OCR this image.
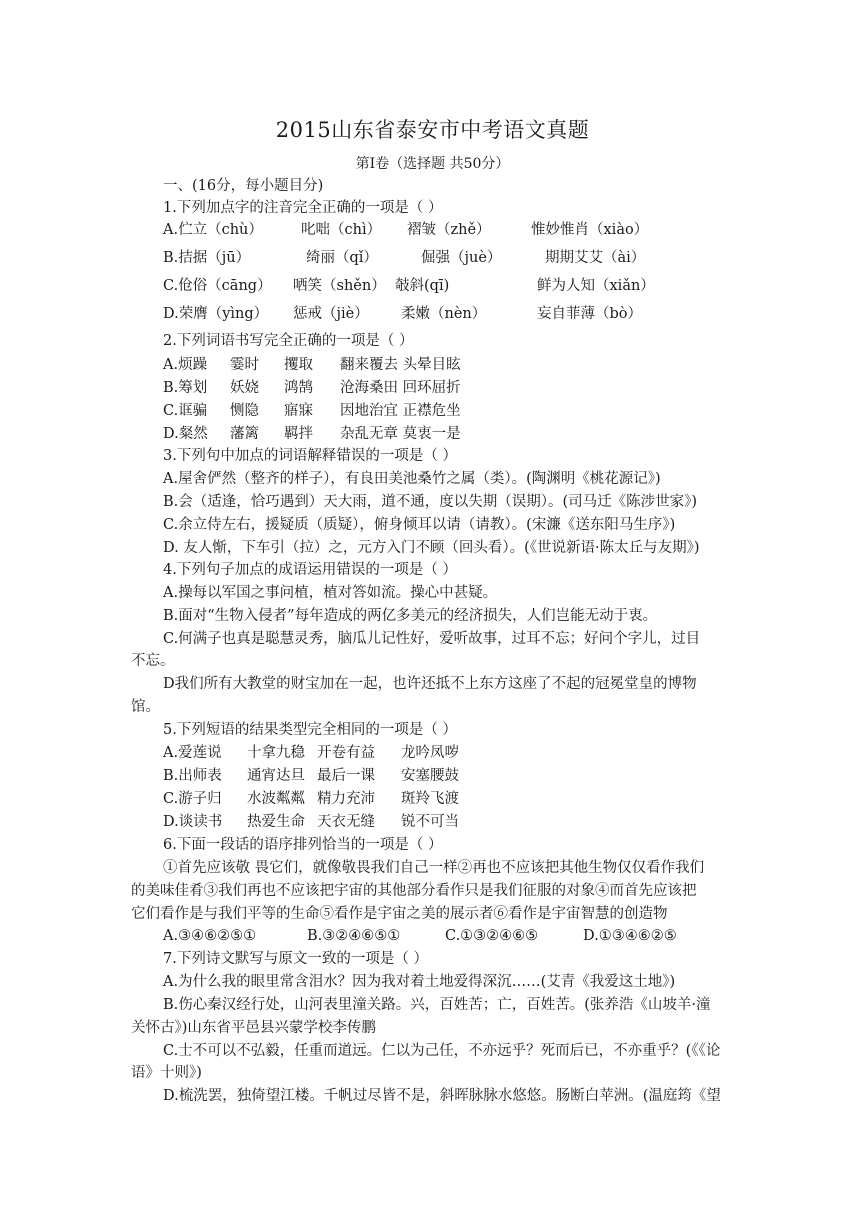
2015山东省泰安市中考语文真题
第Ⅰ卷（选择题 共50分）
一、(16分，每小题目分)
1.下列加点字的注音完全正确的一项是（ ）
A.伫立（chù）	叱咄（chì） 褶皱（zhě）	惟妙惟肖（xiào）
B.拮据（jū）	绮丽（qǐ）	倔强（juè）	期期艾艾（ài）
C.伧俗（cāng） 哂笑（shěn） 攲斜(qī)	鲜为人知（xiǎn）
D.荣膺（yìng） 惩戒（jiè） 柔嫩（nèn）	妄自菲薄（bò）
2.下列词语书写完全正确的一项是（ ）
A.烦躁 霎时 攫取 翻来覆去 头晕目眩
B.筹划 妖娆 鸿鹄 沧海桑田 回环屈折
C.诓骗 恻隐 寤寐 因地治宜 正襟危坐
D.粲然 藩篱 羁拌 杂乱无章 莫衷一是
3.下列句中加点的词语解释错误的一项是（ ）
A.屋舍俨然（整齐的样子），有良田美池桑竹之属（类）。(陶渊明《桃花源记》)
B.会（适逢，恰巧遇到）天大雨，道不通，度以失期（误期）。(司马迁《陈涉世家》)
C.余立侍左右，援疑质（质疑），俯身倾耳以请（请教）。(宋濂《送东阳马生序》)
D. 友人惭，下车引（拉）之，元方入门不顾（回头看）。(《世说新语·陈太丘与友期》)
4.下列句子加点的成语运用错误的一项是（ ）
A.操每以军国之事问植，植对答如流。操心中甚疑。
B.面对“生物入侵者”每年造成的两亿多美元的经济损失，人们岂能无动于衷。
C.何满子也真是聪慧灵秀，脑瓜儿记性好，爱听故事，过耳不忘；好问个字儿，过目
不忘。
D我们所有大教堂的财宝加在一起，也许还抵不上东方这座了不起的冠冕堂皇的博物
馆。
5.下列短语的结果类型完全相同的一项是（ ）
A.爱莲说 十拿九稳 开卷有益 龙吟凤哕
B.出师表 通宵达旦 最后一课 安塞腰鼓
C.游子归 水波粼粼 精力充沛 斑羚飞渡
D.谈读书 热爱生命 天衣无缝 锐不可当
6.下面一段话的语序排列恰当的一项是（ ）
①首先应该敬 畏它们，就像敬畏我们自己一样②再也不应该把其他生物仅仅看作我们
的美味佳肴③我们再也不应该把宇宙的其他部分看作只是我们征服的对象④而首先应该把
它们看作是与我们平等的生命⑤看作是宇宙之美的展示者⑥看作是宇宙智慧的创造物
A.③④⑥②⑤①	B.③②④⑥⑤①	C.①③②④⑥⑤	D.①③④⑥②⑤
7.下列诗文默写与原文一致的一项是（ ）
A.为什么我的眼里常含泪水？因为我对着土地爱得深沉……(艾青《我爱这土地》)
B.伤心秦汉经行处，山河表里潼关路。兴，百姓苦；亡，百姓苦。(张养浩《山坡羊·潼
关怀古》)山东省平邑县兴蒙学校李传鹏
C.士不可以不弘毅，任重而道远。仁以为己任，不亦远乎？死而后已，不亦重乎？(《《论
语》十则》)
D.梳洗罢，独倚望江楼。千帆过尽皆不是，斜晖脉脉水悠悠。肠断白苹洲。(温庭筠《望
